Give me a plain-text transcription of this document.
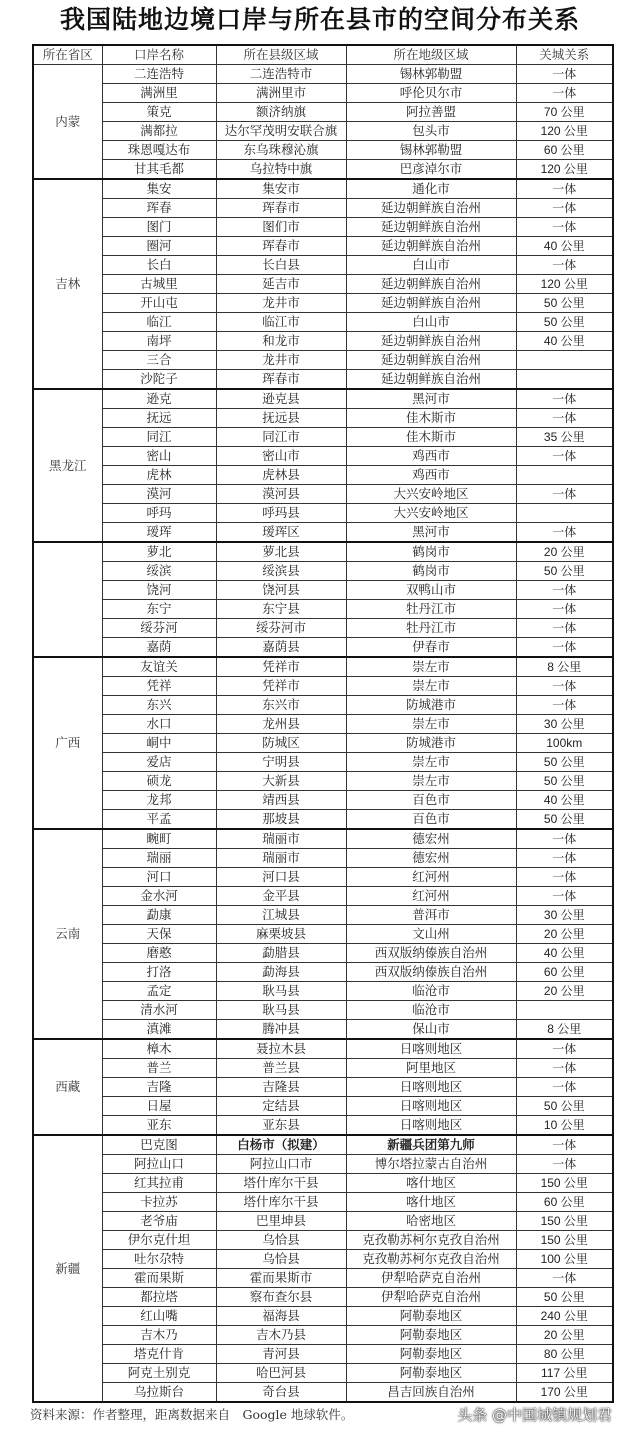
我国陆地边境口岸与所在县市的空间分布关系
所在省区	口岸名称	所在县级区域	所在地级区域	关城关系
内蒙	二连浩特	二连浩特市	锡林郭勒盟	一体
	满洲里	满洲里市	呼伦贝尔市	一体
	策克	额济纳旗	阿拉善盟	70 公里
	满都拉	达尔罕茂明安联合旗	包头市	120 公里
	珠恩嘎达布	东乌珠穆沁旗	锡林郭勒盟	60 公里
	甘其毛都	乌拉特中旗	巴彦淖尔市	120 公里
吉林	集安	集安市	通化市	一体
	珲春	珲春市	延边朝鲜族自治州	一体
	图门	图们市	延边朝鲜族自治州	一体
	圈河	珲春市	延边朝鲜族自治州	40 公里
	长白	长白县	白山市	一体
	古城里	延吉市	延边朝鲜族自治州	120 公里
	开山屯	龙井市	延边朝鲜族自治州	50 公里
	临江	临江市	白山市	50 公里
	南坪	和龙市	延边朝鲜族自治州	40 公里
	三合	龙井市	延边朝鲜族自治州	
	沙陀子	珲春市	延边朝鲜族自治州	
黑龙江	逊克	逊克县	黑河市	一体
	抚远	抚远县	佳木斯市	一体
	同江	同江市	佳木斯市	35 公里
	密山	密山市	鸡西市	一体
	虎林	虎林县	鸡西市	
	漠河	漠河县	大兴安岭地区	一体
	呼玛	呼玛县	大兴安岭地区	
	瑷珲	瑷珲区	黑河市	一体
	萝北	萝北县	鹤岗市	20 公里
	绥滨	绥滨县	鹤岗市	50 公里
	饶河	饶河县	双鸭山市	一体
	东宁	东宁县	牡丹江市	一体
	绥芬河	绥芬河市	牡丹江市	一体
	嘉荫	嘉荫县	伊春市	一体
广西	友谊关	凭祥市	崇左市	8 公里
	凭祥	凭祥市	崇左市	一体
	东兴	东兴市	防城港市	一体
	水口	龙州县	崇左市	30 公里
	峒中	防城区	防城港市	100km
	爱店	宁明县	崇左市	50 公里
	硕龙	大新县	崇左市	50 公里
	龙邦	靖西县	百色市	40 公里
	平孟	那坡县	百色市	50 公里
云南	畹町	瑞丽市	德宏州	一体
	瑞丽	瑞丽市	德宏州	一体
	河口	河口县	红河州	一体
	金水河	金平县	红河州	一体
	勐康	江城县	普洱市	30 公里
	天保	麻栗坡县	文山州	20 公里
	磨憨	勐腊县	西双版纳傣族自治州	40 公里
	打洛	勐海县	西双版纳傣族自治州	60 公里
	孟定	耿马县	临沧市	20 公里
	清水河	耿马县	临沧市	
	滇滩	腾冲县	保山市	8 公里
西藏	樟木	聂拉木县	日喀则地区	一体
	普兰	普兰县	阿里地区	一体
	吉隆	吉隆县	日喀则地区	一体
	日屋	定结县	日喀则地区	50 公里
	亚东	亚东县	日喀则地区	10 公里
新疆	巴克图	白杨市（拟建）	新疆兵团第九师	一体
	阿拉山口	阿拉山口市	博尔塔拉蒙古自治州	一体
	红其拉甫	塔什库尔干县	喀什地区	150 公里
	卡拉苏	塔什库尔干县	喀什地区	60 公里
	老爷庙	巴里坤县	哈密地区	150 公里
	伊尔克什坦	乌恰县	克孜勒苏柯尔克孜自治州	150 公里
	吐尔尕特	乌恰县	克孜勒苏柯尔克孜自治州	100 公里
	霍而果斯	霍而果斯市	伊犁哈萨克自治州	一体
	都拉塔	察布查尔县	伊犁哈萨克自治州	50 公里
	红山嘴	福海县	阿勒泰地区	240 公里
	吉木乃	吉木乃县	阿勒泰地区	20 公里
	塔克什肯	青河县	阿勒泰地区	80 公里
	阿克土别克	哈巴河县	阿勒泰地区	117 公里
	乌拉斯台	奇台县	昌吉回族自治州	170 公里
资料来源：作者整理，距离数据来自　Google 地球软件。	头条 @中国城镇规划君
